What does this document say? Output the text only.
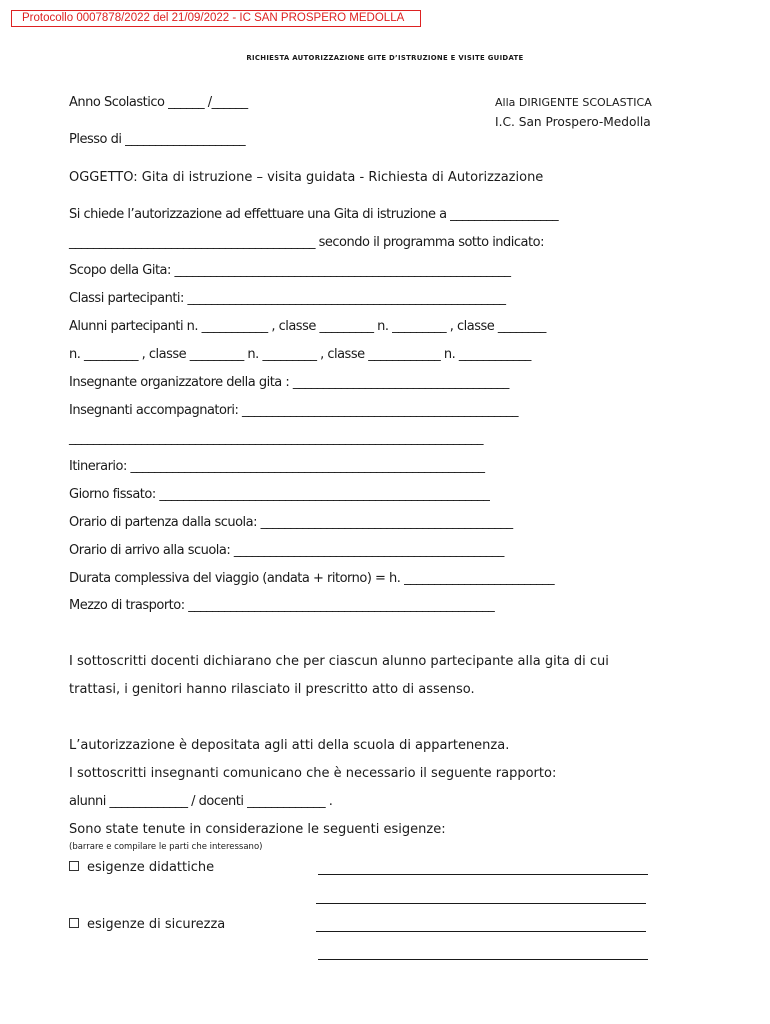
Protocollo 0007878/2022 del 21/09/2022 - IC SAN PROSPERO MEDOLLA
RICHIESTA AUTORIZZAZIONE GITE D’ISTRUZIONE E VISITE GUIDATE
Anno Scolastico ______ /______	Alla DIRIGENTE SCOLASTICA
I.C. San Prospero-Medolla
Plesso di ____________________
OGGETTO: Gita di istruzione – visita guidata - Richiesta di Autorizzazione
Si chiede l’autorizzazione ad effettuare una Gita di istruzione a __________________
_________________________________________ secondo il programma sotto indicato:
Scopo della Gita: ________________________________________________________
Classi partecipanti: _____________________________________________________
Alunni partecipanti n. ___________ , classe _________ n. _________ , classe ________
n. _________ , classe _________ n. _________ , classe ____________ n. ____________
Insegnante organizzatore della gita : ____________________________________
Insegnanti accompagnatori: ______________________________________________
_____________________________________________________________________
Itinerario: ___________________________________________________________
Giorno fissato: _______________________________________________________
Orario di partenza dalla scuola: __________________________________________
Orario di arrivo alla scuola: _____________________________________________
Durata complessiva del viaggio (andata + ritorno) = h. _________________________
Mezzo di trasporto: ___________________________________________________
I sottoscritti docenti dichiarano che per ciascun alunno partecipante alla gita di cui
trattasi, i genitori hanno rilasciato il prescritto atto di assenso.
L’autorizzazione è depositata agli atti della scuola di appartenenza.
I sottoscritti insegnanti comunicano che è necessario il seguente rapporto:
alunni _____________ / docenti _____________ .
Sono state tenute in considerazione le seguenti esigenze:
(barrare e compilare le parti che interessano)
esigenze didattiche
esigenze di sicurezza
